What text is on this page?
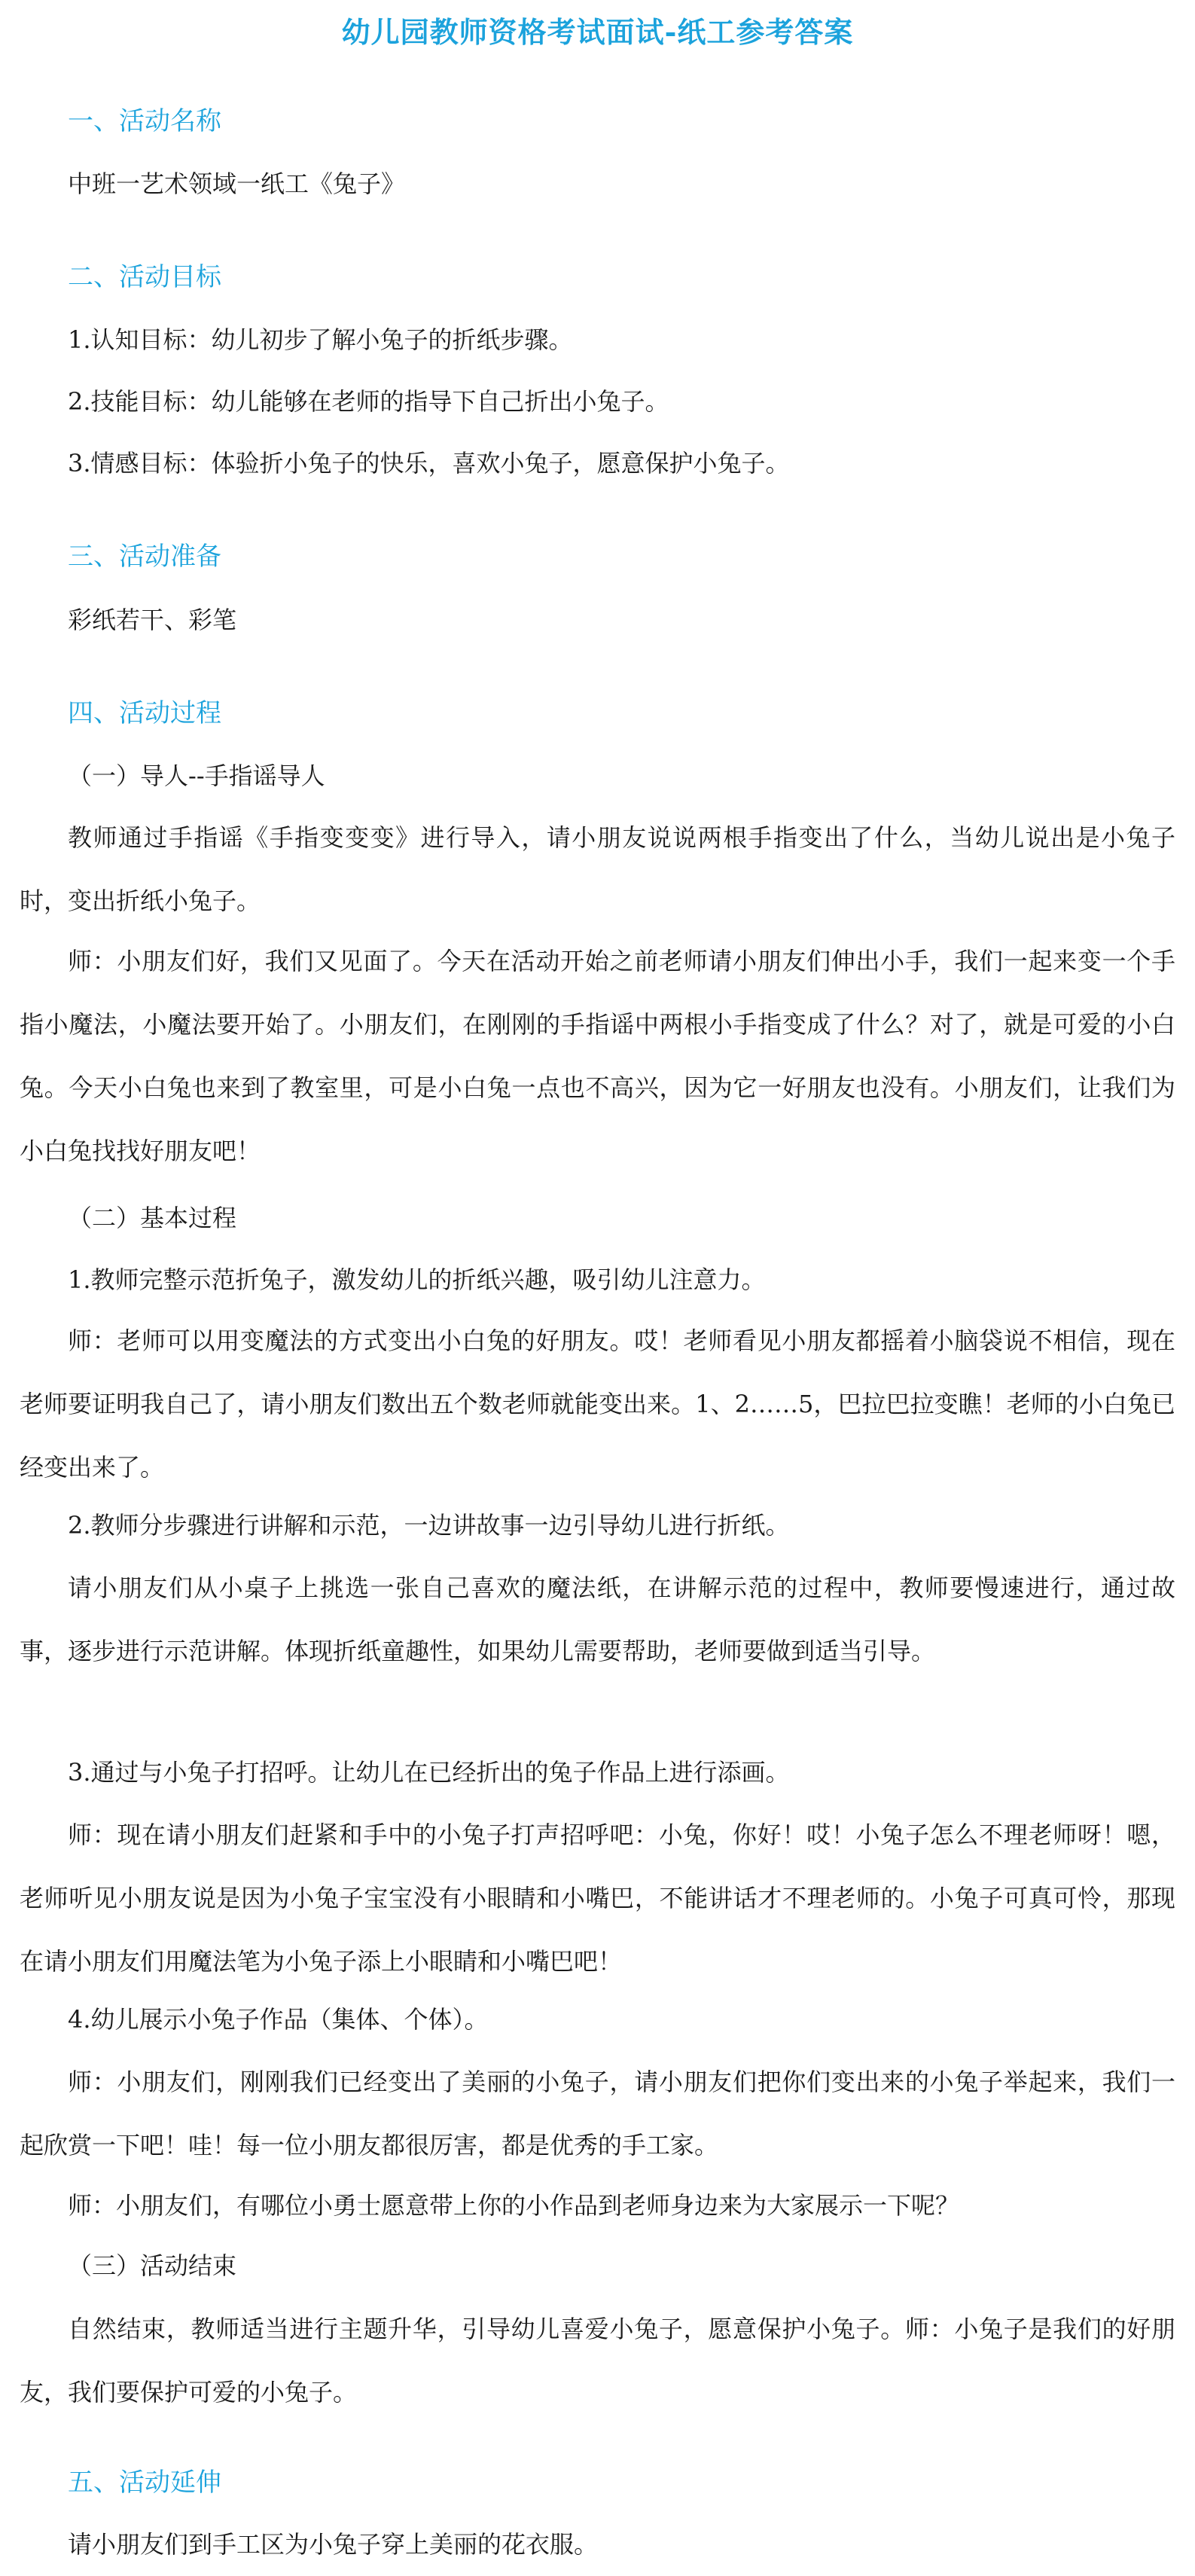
幼儿园教师资格考试面试-纸工参考答案
一、活动名称
中班一艺术领域一纸工《兔子》
二、活动目标
1.认知目标：幼儿初步了解小兔子的折纸步骤。
2.技能目标：幼儿能够在老师的指导下自己折出小兔子。
3.情感目标：体验折小兔子的快乐，喜欢小兔子，愿意保护小兔子。
三、活动准备
彩纸若干、彩笔
四、活动过程
（一）导人--手指谣导人
教师通过手指谣《手指变变变》进行导入，请小朋友说说两根手指变出了什么，当幼儿说出是小兔子时，变出折纸小兔子。
师：小朋友们好，我们又见面了。今天在活动开始之前老师请小朋友们伸出小手，我们一起来变一个手指小魔法，小魔法要开始了。小朋友们，在刚刚的手指谣中两根小手指变成了什么？对了，就是可爱的小白兔。今天小白兔也来到了教室里，可是小白兔一点也不高兴，因为它一好朋友也没有。小朋友们，让我们为小白兔找找好朋友吧！
（二）基本过程
1.教师完整示范折兔子，激发幼儿的折纸兴趣，吸引幼儿注意力。
师：老师可以用变魔法的方式变出小白兔的好朋友。哎！老师看见小朋友都摇着小脑袋说不相信，现在老师要证明我自己了，请小朋友们数出五个数老师就能变出来。1、2……5，巴拉巴拉变瞧！老师的小白兔已经变出来了。
2.教师分步骤进行讲解和示范，一边讲故事一边引导幼儿进行折纸。
请小朋友们从小桌子上挑选一张自己喜欢的魔法纸，在讲解示范的过程中，教师要慢速进行，通过故事，逐步进行示范讲解。体现折纸童趣性，如果幼儿需要帮助，老师要做到适当引导。
3.通过与小兔子打招呼。让幼儿在已经折出的兔子作品上进行添画。
师：现在请小朋友们赶紧和手中的小兔子打声招呼吧：小兔，你好！哎！小兔子怎么不理老师呀！嗯，老师听见小朋友说是因为小兔子宝宝没有小眼睛和小嘴巴，不能讲话才不理老师的。小兔子可真可怜，那现在请小朋友们用魔法笔为小兔子添上小眼睛和小嘴巴吧！
4.幼儿展示小兔子作品（集体、个体）。
师：小朋友们，刚刚我们已经变出了美丽的小兔子，请小朋友们把你们变出来的小兔子举起来，我们一起欣赏一下吧！哇！每一位小朋友都很厉害，都是优秀的手工家。
师：小朋友们，有哪位小勇士愿意带上你的小作品到老师身边来为大家展示一下呢？
（三）活动结束
自然结束，教师适当进行主题升华，引导幼儿喜爱小兔子，愿意保护小兔子。师：小兔子是我们的好朋友，我们要保护可爱的小兔子。
五、活动延伸
请小朋友们到手工区为小兔子穿上美丽的花衣服。
